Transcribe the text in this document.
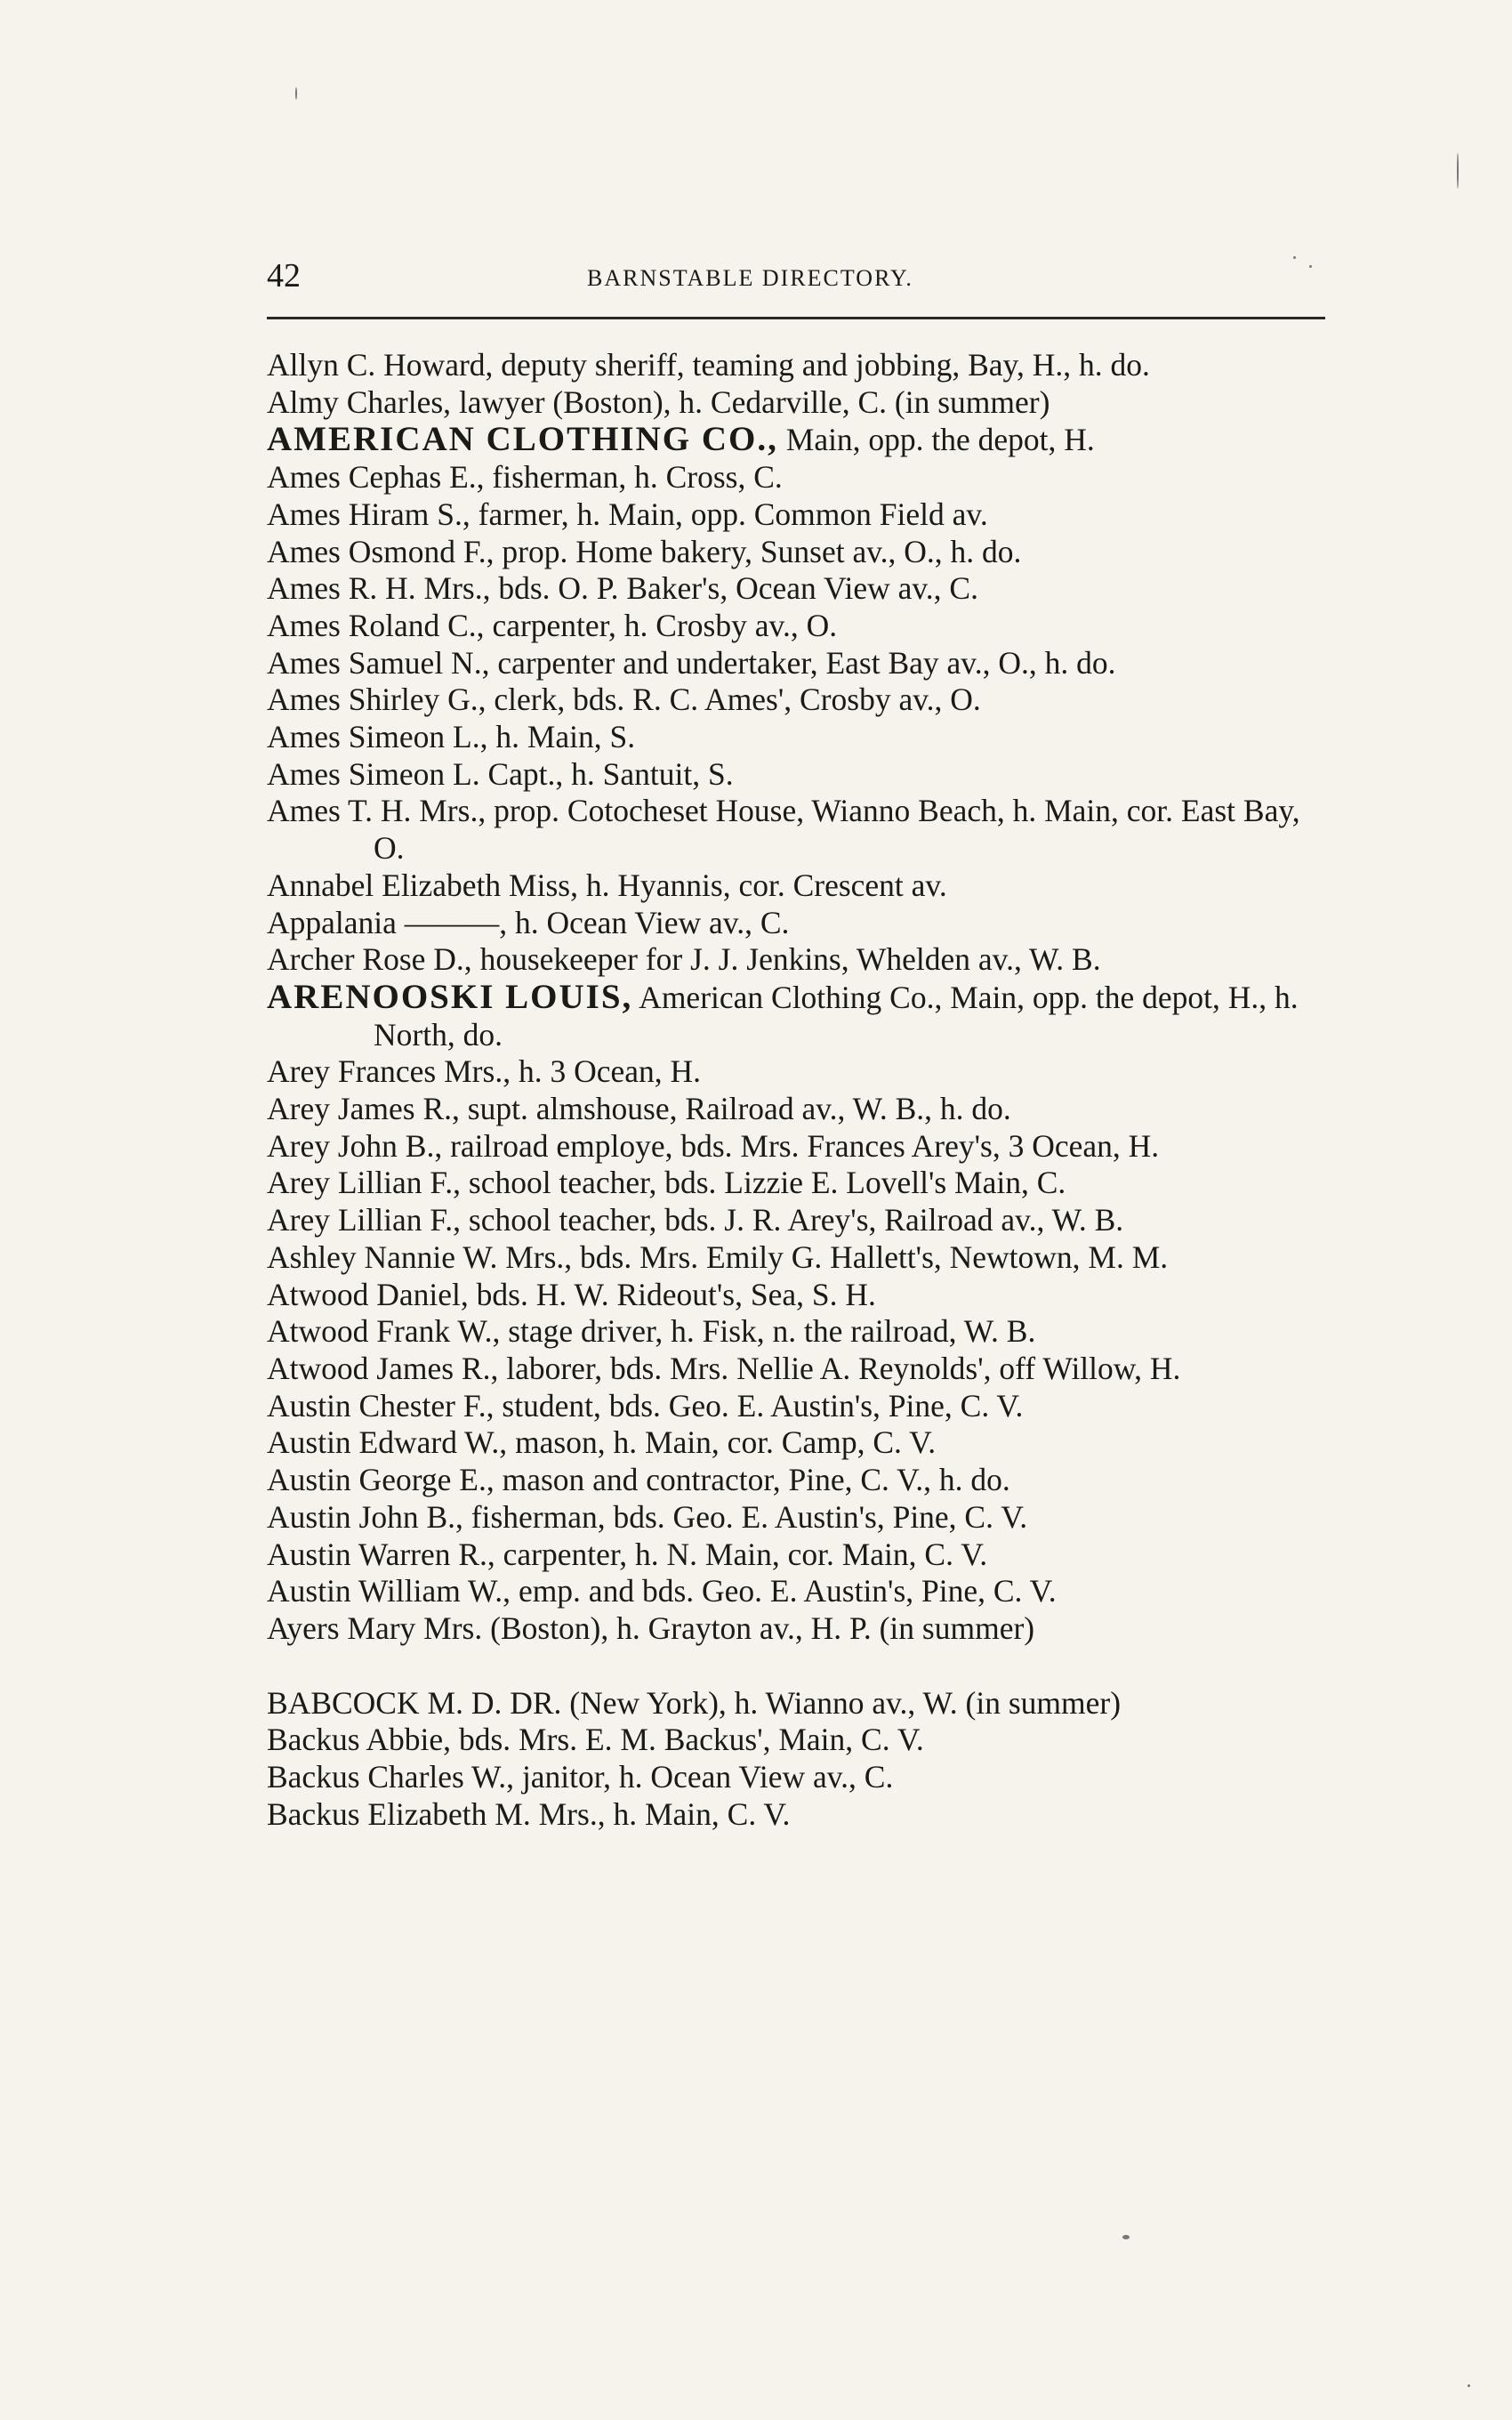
42	BARNSTABLE DIRECTORY.
Allyn C. Howard, deputy sheriff, teaming and jobbing, Bay, H., h. do.
Almy Charles, lawyer (Boston), h. Cedarville, C. (in summer)
AMERICAN CLOTHING CO., Main, opp. the depot, H.
Ames Cephas E., fisherman, h. Cross, C.
Ames Hiram S., farmer, h. Main, opp. Common Field av.
Ames Osmond F., prop. Home bakery, Sunset av., O., h. do.
Ames R. H. Mrs., bds. O. P. Baker's, Ocean View av., C.
Ames Roland C., carpenter, h. Crosby av., O.
Ames Samuel N., carpenter and undertaker, East Bay av., O., h. do.
Ames Shirley G., clerk, bds. R. C. Ames', Crosby av., O.
Ames Simeon L., h. Main, S.
Ames Simeon L. Capt., h. Santuit, S.
Ames T. H. Mrs., prop. Cotocheset House, Wianno Beach, h. Main, cor. East Bay, O.
Annabel Elizabeth Miss, h. Hyannis, cor. Crescent av.
Appalania ———, h. Ocean View av., C.
Archer Rose D., housekeeper for J. J. Jenkins, Whelden av., W. B.
ARENOOSKI LOUIS, American Clothing Co., Main, opp. the depot, H., h. North, do.
Arey Frances Mrs., h. 3 Ocean, H.
Arey James R., supt. almshouse, Railroad av., W. B., h. do.
Arey John B., railroad employe, bds. Mrs. Frances Arey's, 3 Ocean, H.
Arey Lillian F., school teacher, bds. Lizzie E. Lovell's Main, C.
Arey Lillian F., school teacher, bds. J. R. Arey's, Railroad av., W. B.
Ashley Nannie W. Mrs., bds. Mrs. Emily G. Hallett's, Newtown, M. M.
Atwood Daniel, bds. H. W. Rideout's, Sea, S. H.
Atwood Frank W., stage driver, h. Fisk, n. the railroad, W. B.
Atwood James R., laborer, bds. Mrs. Nellie A. Reynolds', off Willow, H.
Austin Chester F., student, bds. Geo. E. Austin's, Pine, C. V.
Austin Edward W., mason, h. Main, cor. Camp, C. V.
Austin George E., mason and contractor, Pine, C. V., h. do.
Austin John B., fisherman, bds. Geo. E. Austin's, Pine, C. V.
Austin Warren R., carpenter, h. N. Main, cor. Main, C. V.
Austin William W., emp. and bds. Geo. E. Austin's, Pine, C. V.
Ayers Mary Mrs. (Boston), h. Grayton av., H. P. (in summer)
BABCOCK M. D. DR. (New York), h. Wianno av., W. (in summer)
Backus Abbie, bds. Mrs. E. M. Backus', Main, C. V.
Backus Charles W., janitor, h. Ocean View av., C.
Backus Elizabeth M. Mrs., h. Main, C. V.
